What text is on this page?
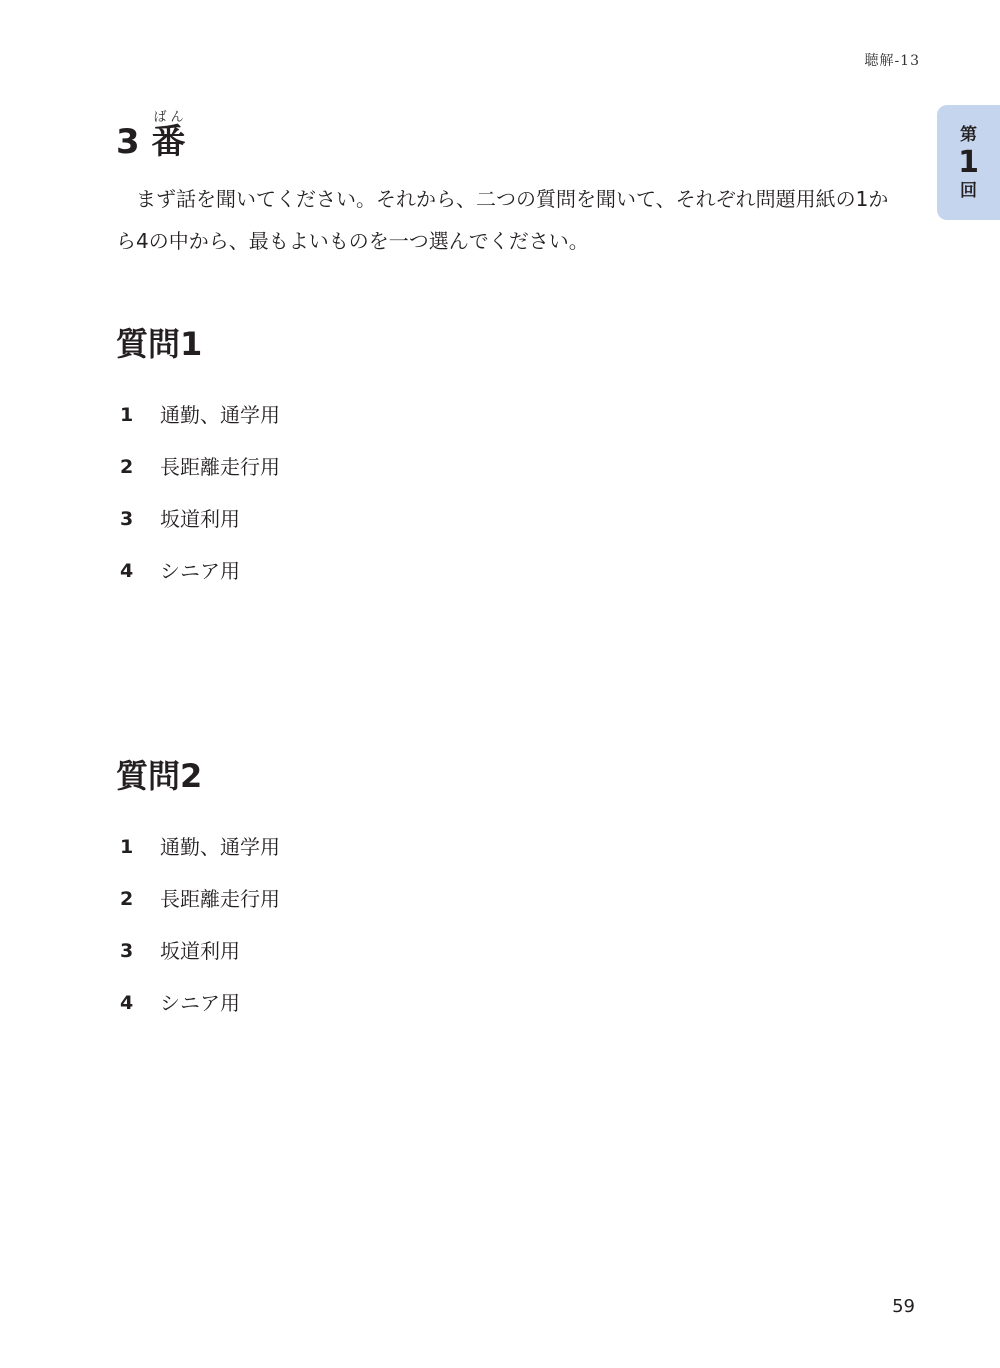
聴解-13
第
1
回
3 番ばん

まず話を聞いてください。それから、二つの質問を聞いて、それぞれ問題用紙の1から4の中から、最もよいものを一つ選んでください。

質問1
1	通勤、通学用
2	長距離走行用
3	坂道利用
4	シニア用
質問2
1	通勤、通学用
2	長距離走行用
3	坂道利用
4	シニア用
59
